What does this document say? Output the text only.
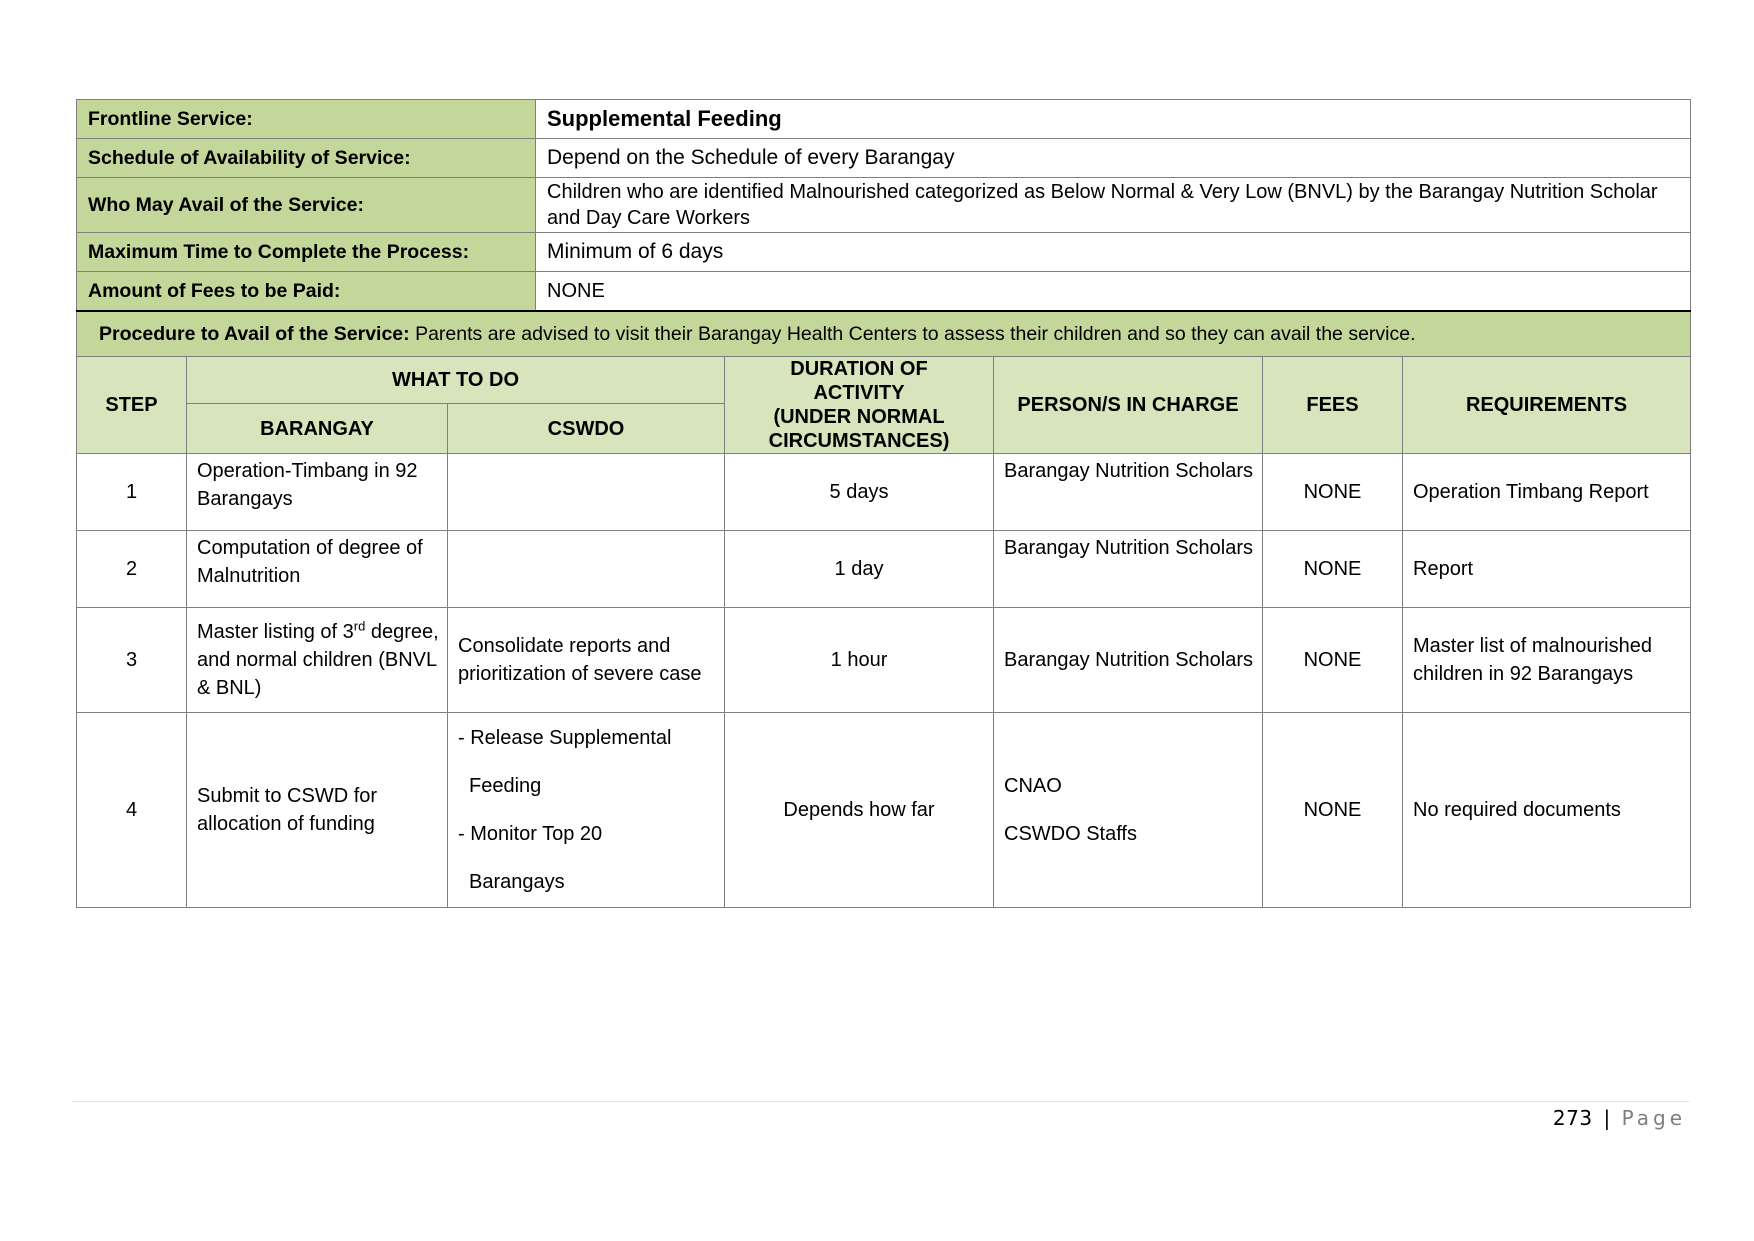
Frontline Service:	Supplemental Feeding
Schedule of Availability of Service:	Depend on the Schedule of every Barangay
Who May Avail of the Service:	Children who are identified Malnourished categorized as Below Normal & Very Low (BNVL) by the Barangay Nutrition Scholar and Day Care Workers
Maximum Time to Complete the Process:	Minimum of 6 days
Amount of Fees to be Paid:	NONE
Procedure to Avail of the Service: Parents are advised to visit their Barangay Health Centers to assess their children and so they can avail the service.						
STEP	WHAT TO DO		DURATION OF
ACTIVITY
(UNDER NORMAL
CIRCUMSTANCES)	PERSON/S IN CHARGE	FEES	REQUIREMENTS
	BARANGAY	CSWDO				
1	Operation-Timbang in 92 Barangays		5 days	Barangay Nutrition Scholars	NONE	Operation Timbang Report
2	Computation of degree of Malnutrition		1 day	Barangay Nutrition Scholars	NONE	Report
3	Master listing of 3rd degree, and normal children (BNVL & BNL)	Consolidate reports and prioritization of severe case	1 hour	Barangay Nutrition Scholars	NONE	Master list of malnourished children in 92 Barangays
4	Submit to CSWD for allocation of funding	- Release Supplemental
Feeding
- Monitor Top 20
Barangays	Depends how far	CNAO
CSWDO Staffs	NONE	No required documents
273 | Page
